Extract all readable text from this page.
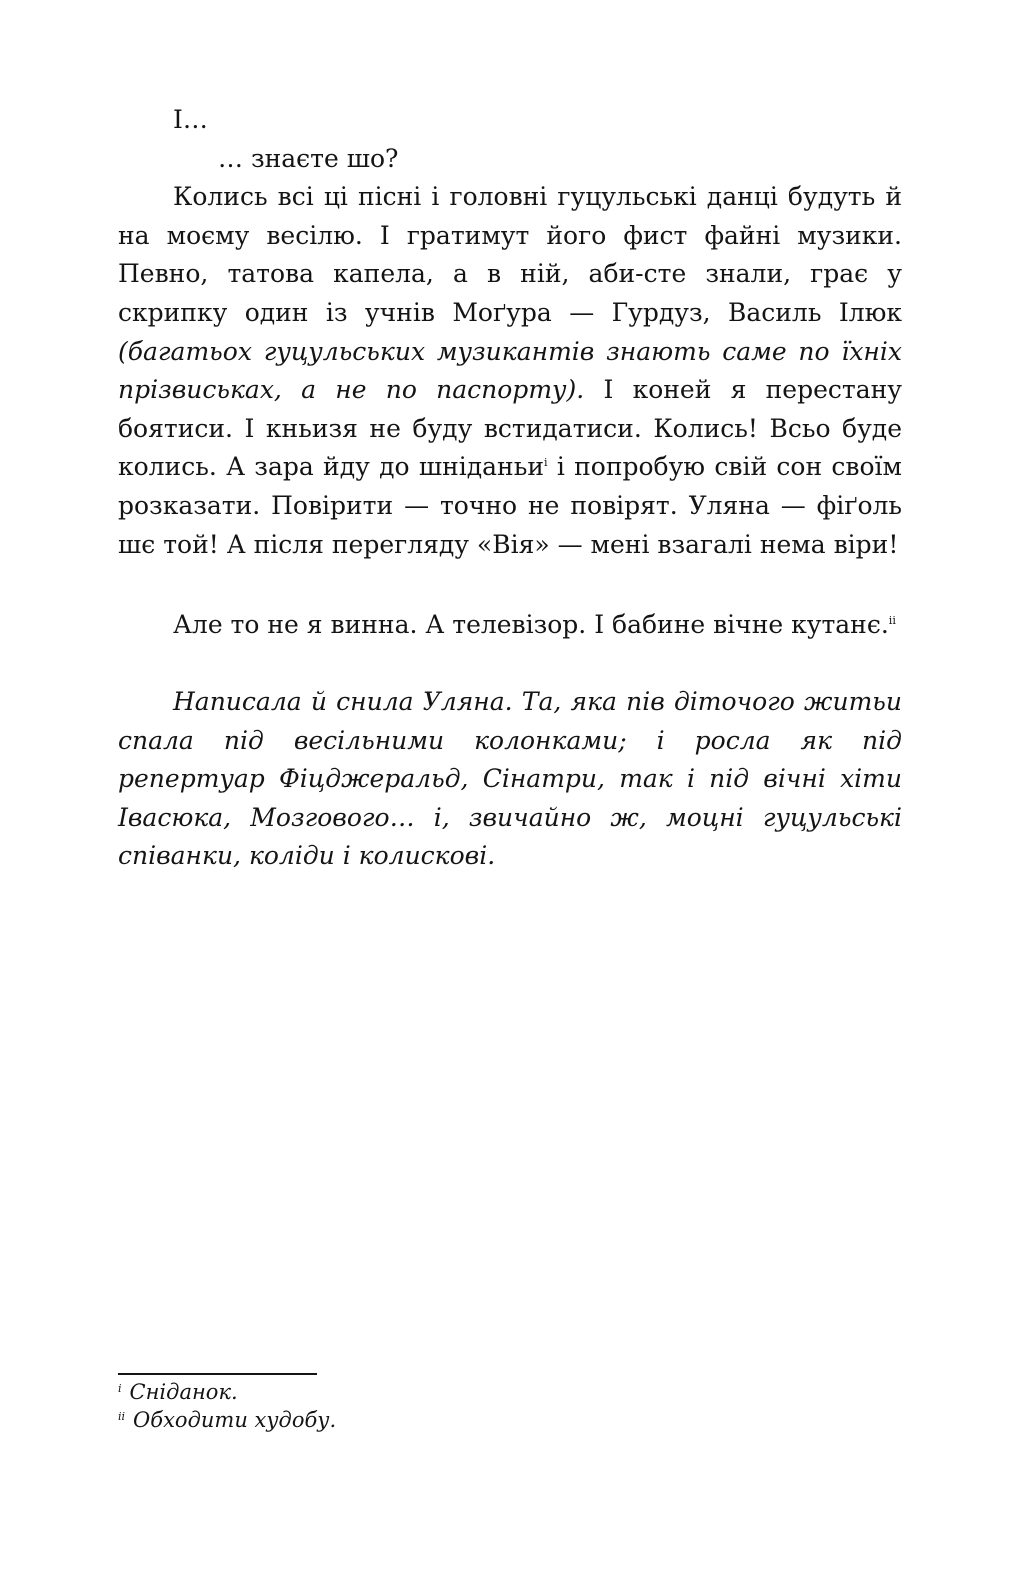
І…

… знаєте шо?

Колись всі ці пісні і головні гуцульські данці будуть й на моєму весілю. І гратимут його фист файні музики. Певно, татова капела, а в ній, аби-сте знали, грає у скрипку один із учнів Моґура — Гурдуз, Василь Ілюк (багатьох гуцульських музикантів знають саме по їхніх прізвиськах, а не по паспорту). І коней я перестану боятиси. І кньизя не буду встидатиси. Колись! Всьо буде колись. А зара йду до шніданьи$^i$ і попробую свій сон своїм розказати. Повірити — точно не повірят. Уляна — фіґоль шє той! А після перегляду «Вія» — мені взагалі нема віри!

Але то не я винна. А телевізор. І бабине вічне кутанє.$^{ii}$

Написала й снила Уляна. Та, яка пів діточого житьи спала під весільними колонками; і росла як під репертуар Фіцджеральд, Сінатри, так і під вічні хіти Івасюка, Мозгового… і, звичайно ж, моцні гуцульські співанки, коліди і колискові.

$^i$ Сніданок.

$^{ii}$ Обходити худобу.
